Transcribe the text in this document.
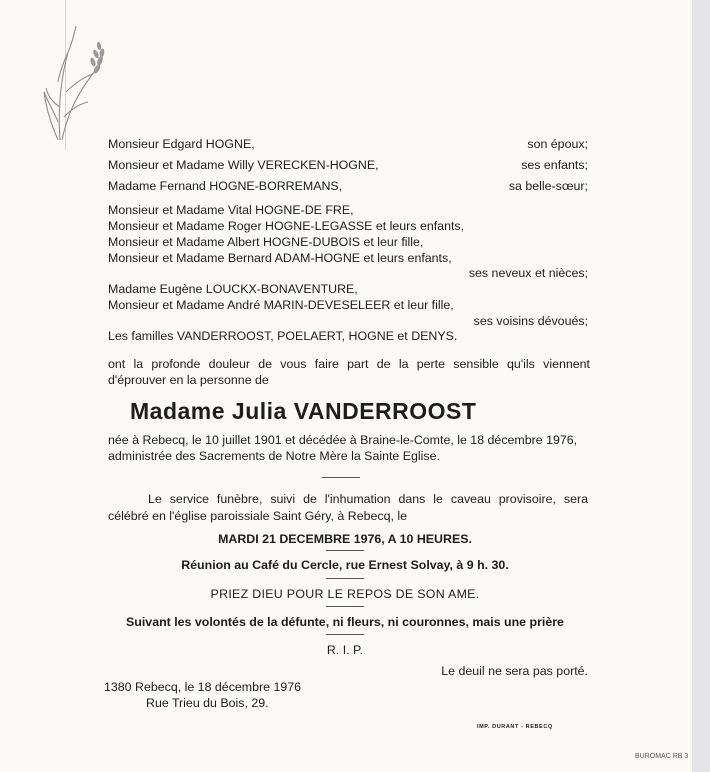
Monsieur Edgard HOGNE,	son époux;
Monsieur et Madame Willy VERECKEN-HOGNE,	ses enfants;
Madame Fernand HOGNE-BORREMANS,	sa belle-sœur;
Monsieur et Madame Vital HOGNE-DE FRE,
Monsieur et Madame Roger HOGNE-LEGASSE et leurs enfants,
Monsieur et Madame Albert HOGNE-DUBOIS et leur fille,
Monsieur et Madame Bernard ADAM-HOGNE et leurs enfants,
ses neveux et nièces;
Madame Eugène LOUCKX-BONAVENTURE,
Monsieur et Madame André MARIN-DEVESELEER et leur fille,
ses voisins dévoués;
Les familles VANDERROOST, POELAERT, HOGNE et DENYS.
ont la profonde douleur de vous faire part de la perte sensible qu'ils viennent
d'éprouver en la personne de
Madame Julia VANDERROOST
née à Rebecq, le 10 juillet 1901 et décédée à Braine-le-Comte, le 18 décembre 1976,
administrée des Sacrements de Notre Mère la Sainte Eglise.
Le service funèbre, suivi de l'inhumation dans le caveau provisoire, sera
célébré en l'église paroissiale Saint Géry, à Rebecq, le
MARDI 21 DECEMBRE 1976, A 10 HEURES.
Réunion au Café du Cercle, rue Ernest Solvay, à 9 h. 30.
PRIEZ DIEU POUR LE REPOS DE SON AME.
Suivant les volontés de la défunte, ni fleurs, ni couronnes, mais une prière
R. I. P.
Le deuil ne sera pas porté.
1380 Rebecq, le 18 décembre 1976
Rue Trieu du Bois, 29.
IMP. DURANT - REBECQ
BUROMAC RB 3
